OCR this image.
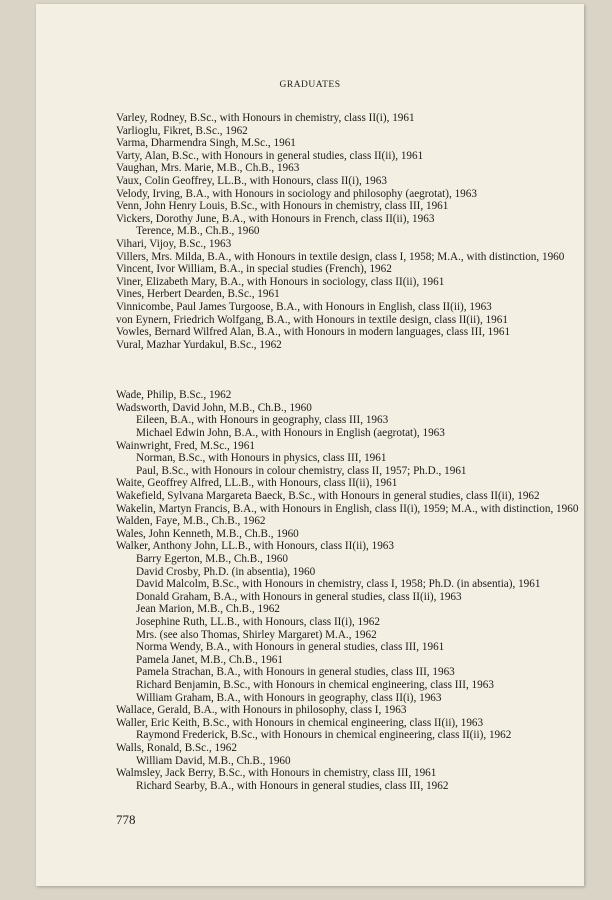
GRADUATES

Varley, Rodney, B.Sc., with Honours in chemistry, class II(i), 1961

Varlioglu, Fikret, B.Sc., 1962

Varma, Dharmendra Singh, M.Sc., 1961

Varty, Alan, B.Sc., with Honours in general studies, class II(ii), 1961

Vaughan, Mrs. Marie, M.B., Ch.B., 1963

Vaux, Colin Geoffrey, LL.B., with Honours, class II(i), 1963

Velody, Irving, B.A., with Honours in sociology and philosophy (aegrotat), 1963

Venn, John Henry Louis, B.Sc., with Honours in chemistry, class III, 1961

Vickers, Dorothy June, B.A., with Honours in French, class II(ii), 1963

Terence, M.B., Ch.B., 1960

Vihari, Vijoy, B.Sc., 1963

Villers, Mrs. Milda, B.A., with Honours in textile design, class I, 1958; M.A., with distinction, 1960

Vincent, Ivor William, B.A., in special studies (French), 1962

Viner, Elizabeth Mary, B.A., with Honours in sociology, class II(ii), 1961

Vines, Herbert Dearden, B.Sc., 1961

Vinnicombe, Paul James Turgoose, B.A., with Honours in English, class II(ii), 1963

von Eynern, Friedrich Wolfgang, B.A., with Honours in textile design, class II(ii), 1961

Vowles, Bernard Wilfred Alan, B.A., with Honours in modern languages, class III, 1961

Vural, Mazhar Yurdakul, B.Sc., 1962

Wade, Philip, B.Sc., 1962

Wadsworth, David John, M.B., Ch.B., 1960

Eileen, B.A., with Honours in geography, class III, 1963

Michael Edwin John, B.A., with Honours in English (aegrotat), 1963

Wainwright, Fred, M.Sc., 1961

Norman, B.Sc., with Honours in physics, class III, 1961

Paul, B.Sc., with Honours in colour chemistry, class II, 1957; Ph.D., 1961

Waite, Geoffrey Alfred, LL.B., with Honours, class II(ii), 1961

Wakefield, Sylvana Margareta Baeck, B.Sc., with Honours in general studies, class II(ii), 1962

Wakelin, Martyn Francis, B.A., with Honours in English, class II(i), 1959; M.A., with distinction, 1960

Walden, Faye, M.B., Ch.B., 1962

Wales, John Kenneth, M.B., Ch.B., 1960

Walker, Anthony John, LL.B., with Honours, class II(ii), 1963

Barry Egerton, M.B., Ch.B., 1960

David Crosby, Ph.D. (in absentia), 1960

David Malcolm, B.Sc., with Honours in chemistry, class I, 1958; Ph.D. (in absentia), 1961

Donald Graham, B.A., with Honours in general studies, class II(ii), 1963

Jean Marion, M.B., Ch.B., 1962

Josephine Ruth, LL.B., with Honours, class II(i), 1962

Mrs. (see also Thomas, Shirley Margaret) M.A., 1962

Norma Wendy, B.A., with Honours in general studies, class III, 1961

Pamela Janet, M.B., Ch.B., 1961

Pamela Strachan, B.A., with Honours in general studies, class III, 1963

Richard Benjamin, B.Sc., with Honours in chemical engineering, class III, 1963

William Graham, B.A., with Honours in geography, class II(i), 1963

Wallace, Gerald, B.A., with Honours in philosophy, class I, 1963

Waller, Eric Keith, B.Sc., with Honours in chemical engineering, class II(ii), 1963

Raymond Frederick, B.Sc., with Honours in chemical engineering, class II(ii), 1962

Walls, Ronald, B.Sc., 1962

William David, M.B., Ch.B., 1960

Walmsley, Jack Berry, B.Sc., with Honours in chemistry, class III, 1961

Richard Searby, B.A., with Honours in general studies, class III, 1962

778
